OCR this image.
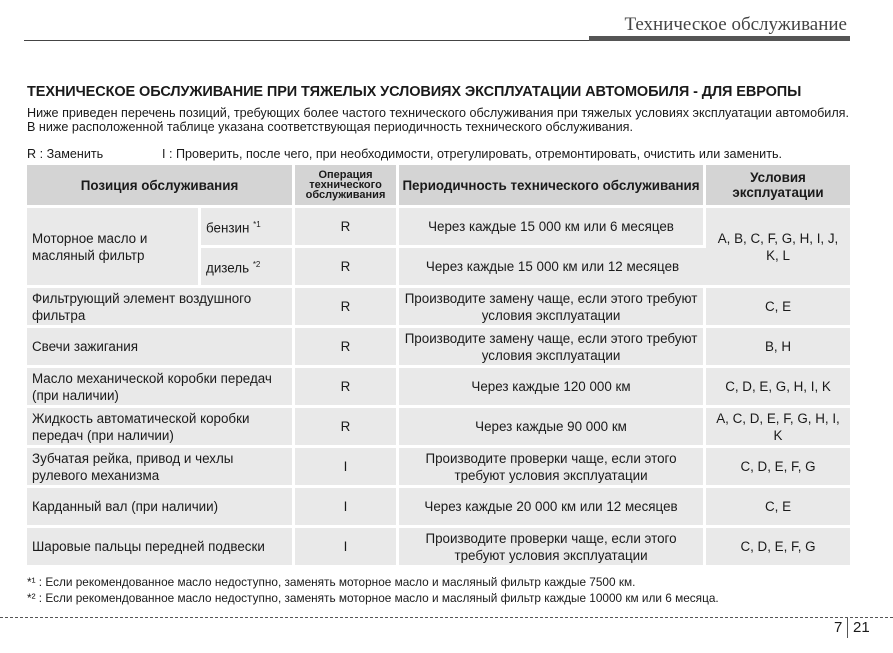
Техническое обслуживание
ТЕХНИЧЕСКОЕ ОБСЛУЖИВАНИЕ ПРИ ТЯЖЕЛЫХ УСЛОВИЯХ ЭКСПЛУАТАЦИИ АВТОМОБИЛЯ - ДЛЯ ЕВРОПЫ
Ниже приведен перечень позиций, требующих более частого технического обслуживания при тяжелых условиях эксплуатации автомобиля. В ниже расположенной таблице указана соответствующая периодичность технического обслуживания.
R : Заменить	I : Проверить, после чего, при необходимости, отрегулировать, отремонтировать, очистить или заменить.
Позиция обслуживания		Операция технического обслуживания	Периодичность технического обслуживания	Условия эксплуатации
Моторное масло и масляный фильтр	бензин $^{*1}$	R	Через каждые 15 000 км или 6 месяцев	A, B, C, F, G, H, I, J, K, L
	дизель $^{*2}$	R	Через каждые 15 000 км или 12 месяцев	
Фильтрующий элемент воздушного фильтра		R	Производите замену чаще, если этого требуют условия эксплуатации	C, E
Свечи зажигания		R	Производите замену чаще, если этого требуют условия эксплуатации	B, H
Масло механической коробки передач (при наличии)		R	Через каждые 120 000 км	C, D, E, G, H, I, K
Жидкость автоматической коробки передач (при наличии)		R	Через каждые 90 000 км	A, C, D, E, F, G, H, I, K
Зубчатая рейка, привод и чехлы рулевого механизма		I	Производите проверки чаще, если этого требуют условия эксплуатации	C, D, E, F, G
Карданный вал (при наличии)		I	Через каждые 20 000 км или 12 месяцев	C, E
Шаровые пальцы передней подвески		I	Производите проверки чаще, если этого требуют условия эксплуатации	C, D, E, F, G
*¹ : Если рекомендованное масло недоступно, заменять моторное масло и масляный фильтр каждые 7500 км.
*² : Если рекомендованное масло недоступно, заменять моторное масло и масляный фильтр каждые 10000 км или 6 месяца.
7 21
